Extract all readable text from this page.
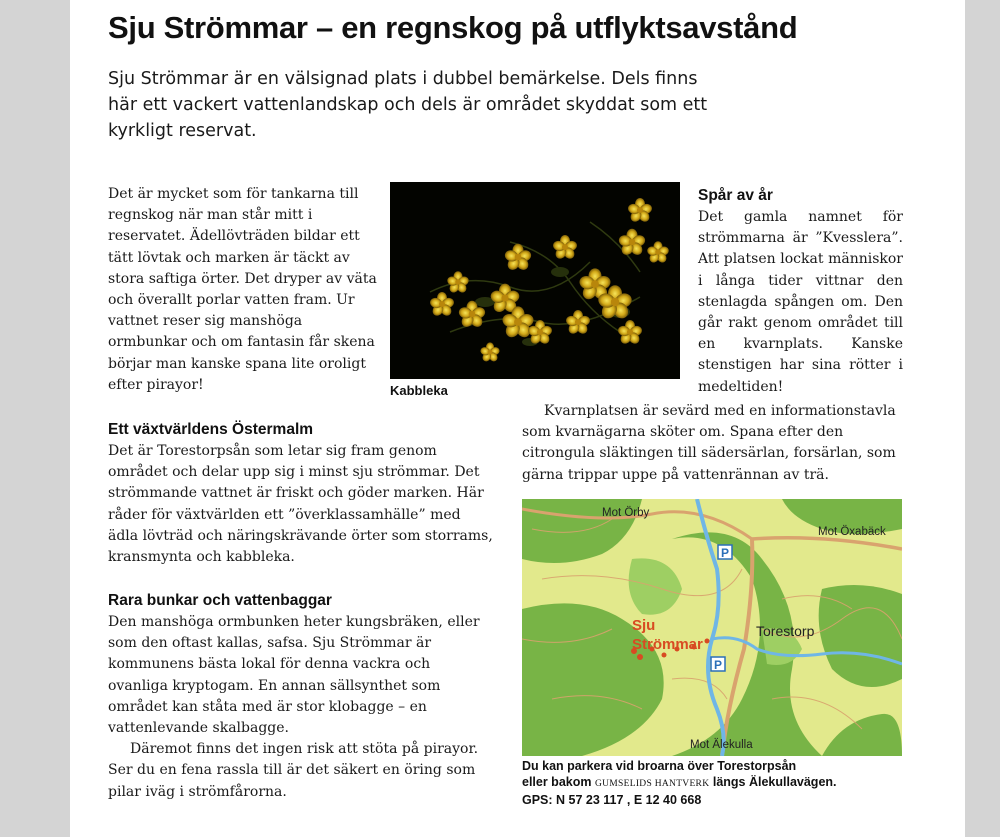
Sju Strömmar – en regnskog på utflyktsavstånd
Sju Strömmar är en välsignad plats i dubbel bemärkelse. Dels finns här ett vackert vattenlandskap och dels är området skyddat som ett kyrkligt reservat.
Det är mycket som för tankarna till regnskog när man står mitt i reservatet. Ädellövträden bildar ett tätt lövtak och marken är täckt av stora saftiga örter. Det dryper av väta och överallt porlar vatten fram. Ur vattnet reser sig manshöga ormbunkar och om fantasin får skena börjar man kanske spana lite oroligt efter pirayor!
Ett växtvärldens Östermalm
Det är Torestorpsån som letar sig fram genom området och delar upp sig i minst sju strömmar. Det strömmande vattnet är friskt och göder marken. Här råder för växtvärlden ett ”överklassamhälle” med ädla lövträd och näringskrävande örter som storrams, kransmynta och kabbleka.
Rara bunkar och vattenbaggar

Den manshöga ormbunken heter kungsbräken, eller som den oftast kallas, safsa. Sju Strömmar är kommunens bästa lokal för denna vackra och ovanliga kryptogam. En annan sällsynthet som området kan ståta med är stor klobagge – en vattenlevande skalbagge.

Däremot finns det ingen risk att stöta på pirayor. Ser du en fena rassla till är det säkert en öring som pilar iväg i strömfårorna.

Kabbleka
Spår av år
Det gamla namnet för strömmarna är ”Kvesslera”. Att platsen lockat människor i långa tider vittnar den stenlagda spången om. Den går rakt genom området till en kvarnplats. Kanske stenstigen har sina rötter i medeltiden!
Kvarnplatsen är sevärd med en informationstavla som kvarnägarna sköter om. Spana efter den citrongula släktingen till sädersärlan, forsärlan, som gärna trippar uppe på vattenrännan av trä.
P
P
Mot Örby
Mot Öxabäck
Torestorp
Sju
Strömmar
Mot Älekulla
Du kan parkera vid broarna över Torestorpsån
eller bakom GUMSELIDS HANTVERK längs Älekullavägen.
GPS: N 57 23 117 , E 12 40 668
